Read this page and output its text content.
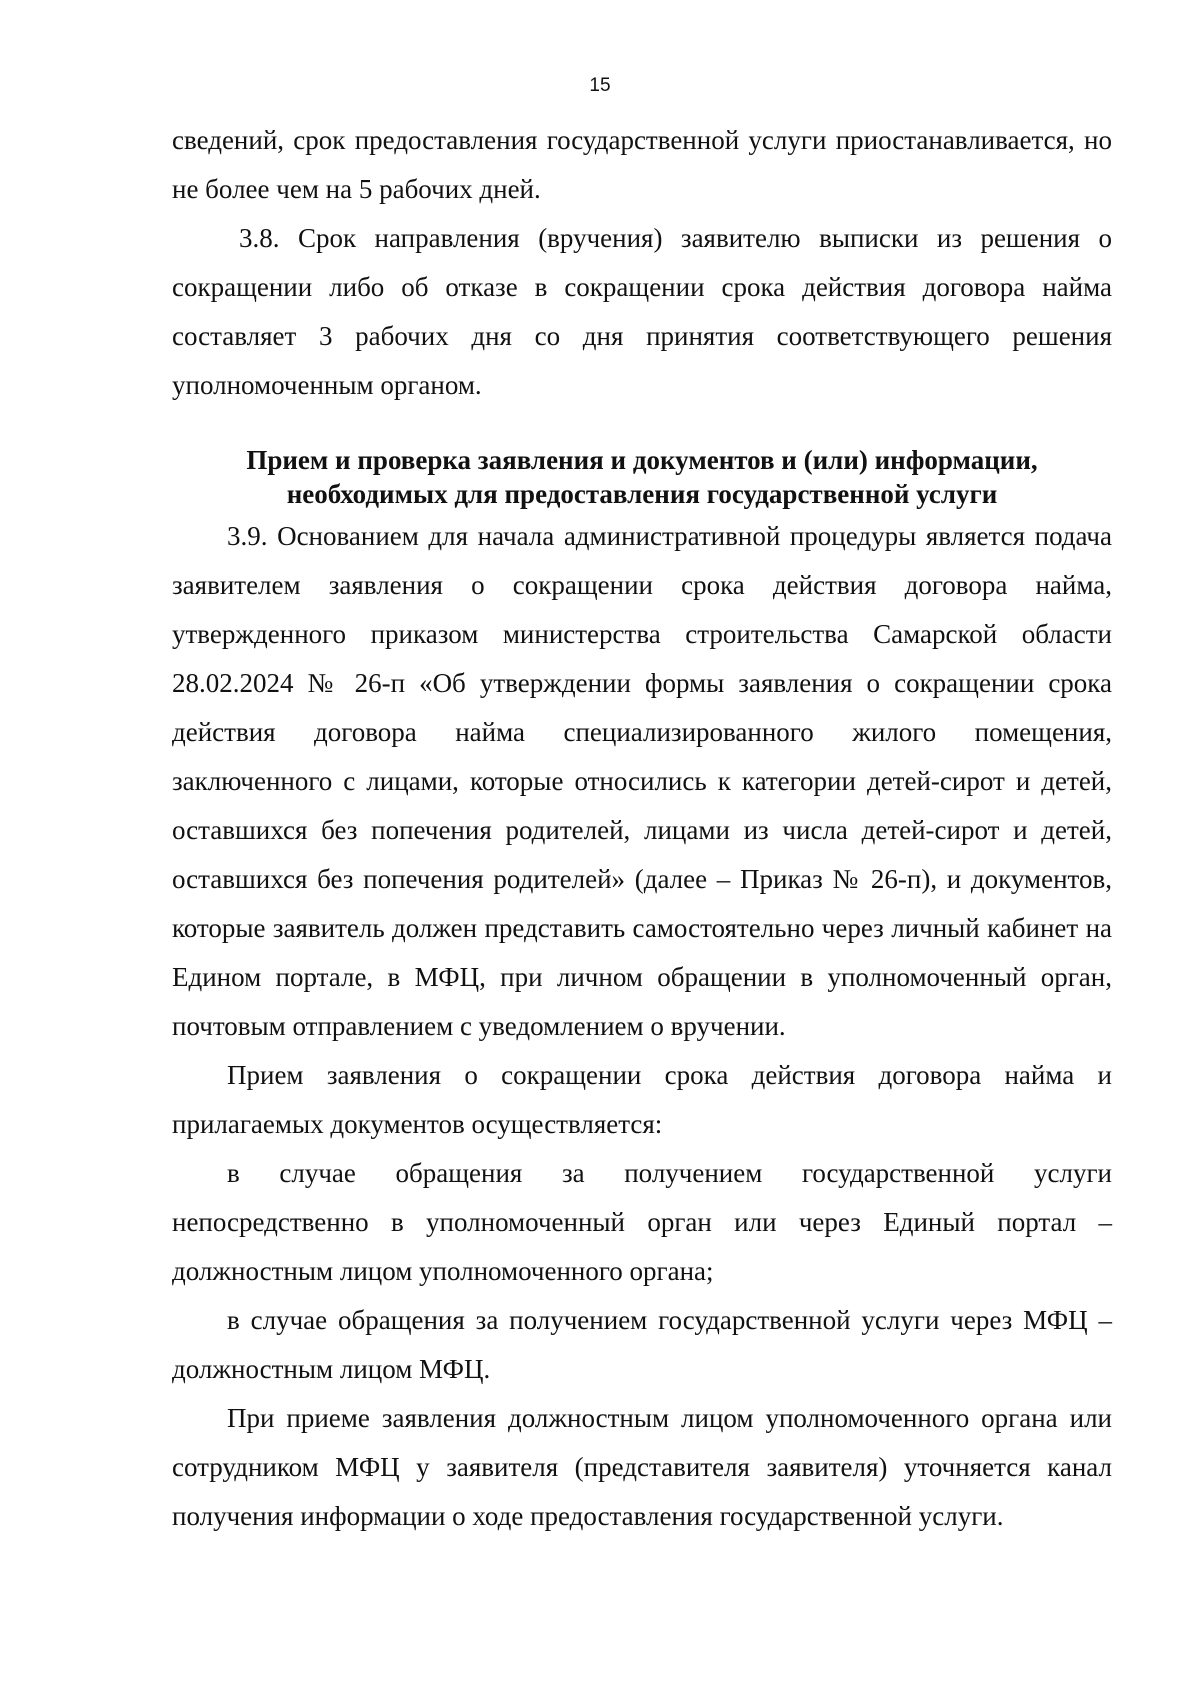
15

сведений, срок предоставления государственной услуги приостанавливается, но не более чем на 5 рабочих дней.

3.8. Срок направления (вручения) заявителю выписки из решения о сокращении либо об отказе в сокращении срока действия договора найма составляет 3 рабочих дня со дня принятия соответствующего решения уполномоченным органом.

Прием и проверка заявления и документов и (или) информации,
необходимых для предоставления государственной услуги

3.9. Основанием для начала административной процедуры является подача заявителем заявления о сокращении срока действия договора найма, утвержденного приказом министерства строительства Самарской области 28.02.2024 № 26-п «Об утверждении формы заявления о сокращении срока действия договора найма специализированного жилого помещения, заключенного с лицами, которые относились к категории детей-сирот и детей, оставшихся без попечения родителей, лицами из числа детей-сирот и детей, оставшихся без попечения родителей» (далее – Приказ № 26-п), и документов, которые заявитель должен представить самостоятельно через личный кабинет на Едином портале, в МФЦ, при личном обращении в уполномоченный орган, почтовым отправлением с уведомлением о вручении.

Прием заявления о сокращении срока действия договора найма и прилагаемых документов осуществляется:

в случае обращения за получением государственной услуги непосредственно в уполномоченный орган или через Единый портал – должностным лицом уполномоченного органа;

в случае обращения за получением государственной услуги через МФЦ – должностным лицом МФЦ.

При приеме заявления должностным лицом уполномоченного органа или сотрудником МФЦ у заявителя (представителя заявителя) уточняется канал получения информации о ходе предоставления государственной услуги.
